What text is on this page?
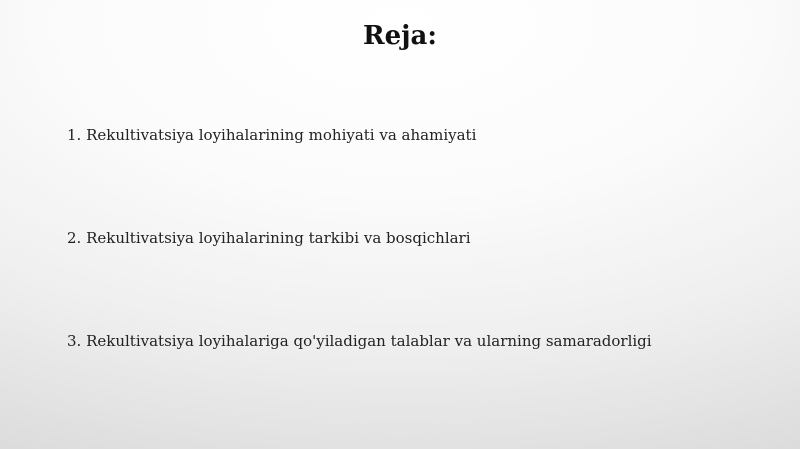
Reja:
1. Rekultivatsiya loyihalarining mohiyati va ahamiyati
2. Rekultivatsiya loyihalarining tarkibi va bosqichlari
3. Rekultivatsiya loyihalariga qo'yiladigan talablar va ularning samaradorligi
